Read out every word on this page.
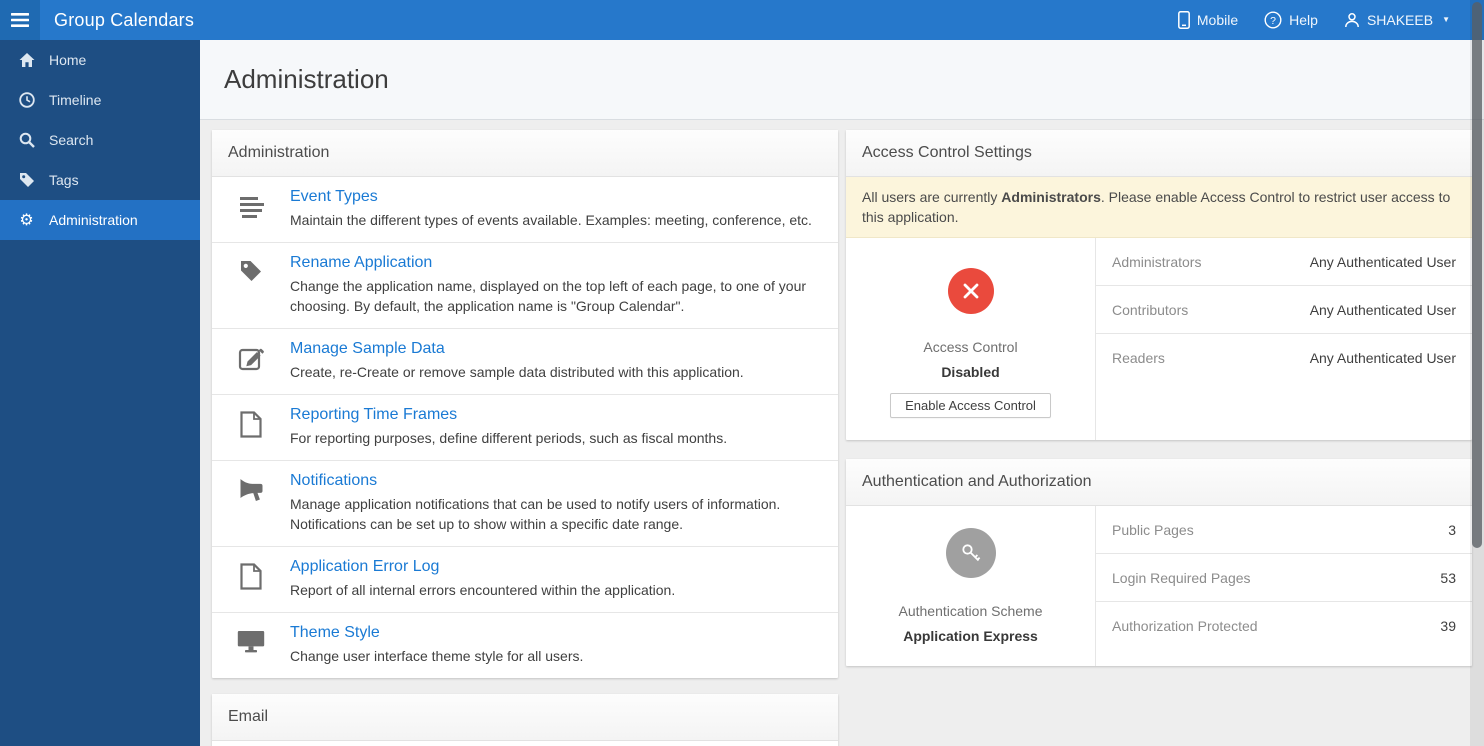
Group Calendars	Mobile	? Help	SHAKEEB ▼
Home
Timeline
Search
Tags
⚙ Administration
Administration
Administration
Event Types
Maintain the different types of events available. Examples: meeting, conference, etc.
Rename Application
Change the application name, displayed on the top left of each page, to one of your choosing. By default, the application name is "Group Calendar".
Manage Sample Data
Create, re-Create or remove sample data distributed with this application.
Reporting Time Frames
For reporting purposes, define different periods, such as fiscal months.
Notifications
Manage application notifications that can be used to notify users of information. Notifications can be set up to show within a specific date range.
Application Error Log
Report of all internal errors encountered within the application.
Theme Style
Change user interface theme style for all users.
Email
Access Control Settings
All users are currently Administrators. Please enable Access Control to restrict user access to this application.
Access Control
Disabled
Enable Access Control
Administrators	Any Authenticated User
Contributors	Any Authenticated User
Readers	Any Authenticated User
Authentication and Authorization
Authentication Scheme
Application Express
Public Pages	3
Login Required Pages	53
Authorization Protected	39
